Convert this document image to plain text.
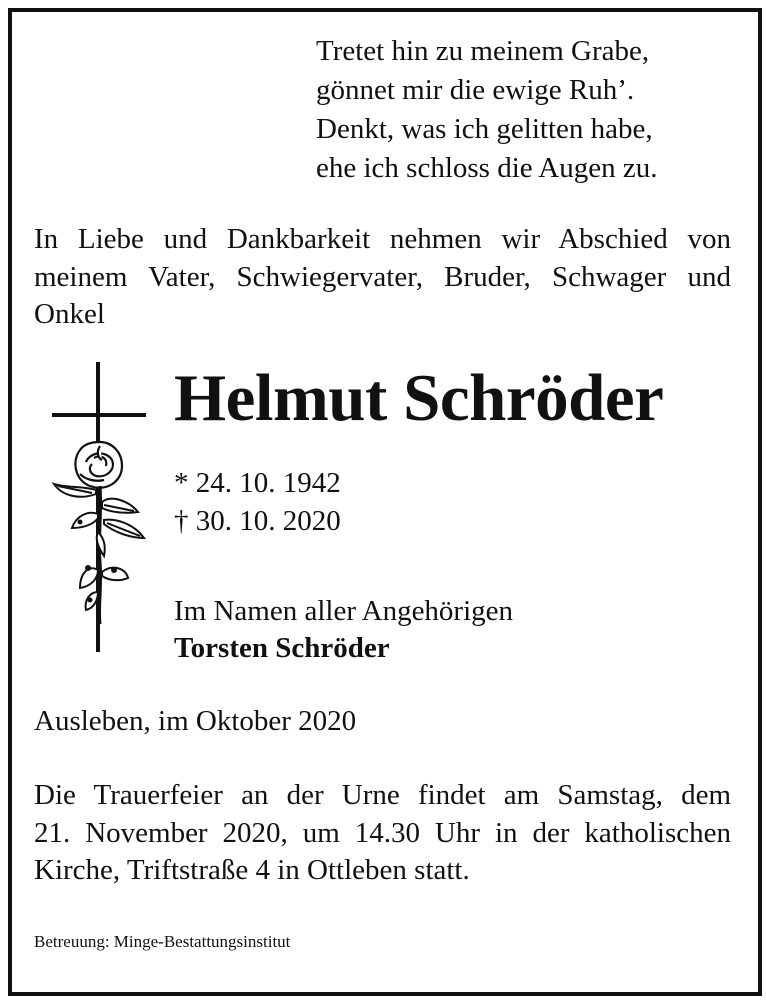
Tretet hin zu meinem Grabe,
gönnet mir die ewige Ruh’.
Denkt, was ich gelitten habe,
ehe ich schloss die Augen zu.
In Liebe und Dankbarkeit nehmen wir Abschied von
meinem Vater, Schwiegervater, Bruder, Schwager und
Onkel
Helmut Schröder
* 24. 10. 1942
† 30. 10. 2020
Im Namen aller Angehörigen
Torsten Schröder
Ausleben, im Oktober 2020
Die Trauerfeier an der Urne findet am Samstag, dem
21. November 2020, um 14.30 Uhr in der katholischen
Kirche, Triftstraße 4 in Ottleben statt.
Betreuung: Minge-Bestattungsinstitut
